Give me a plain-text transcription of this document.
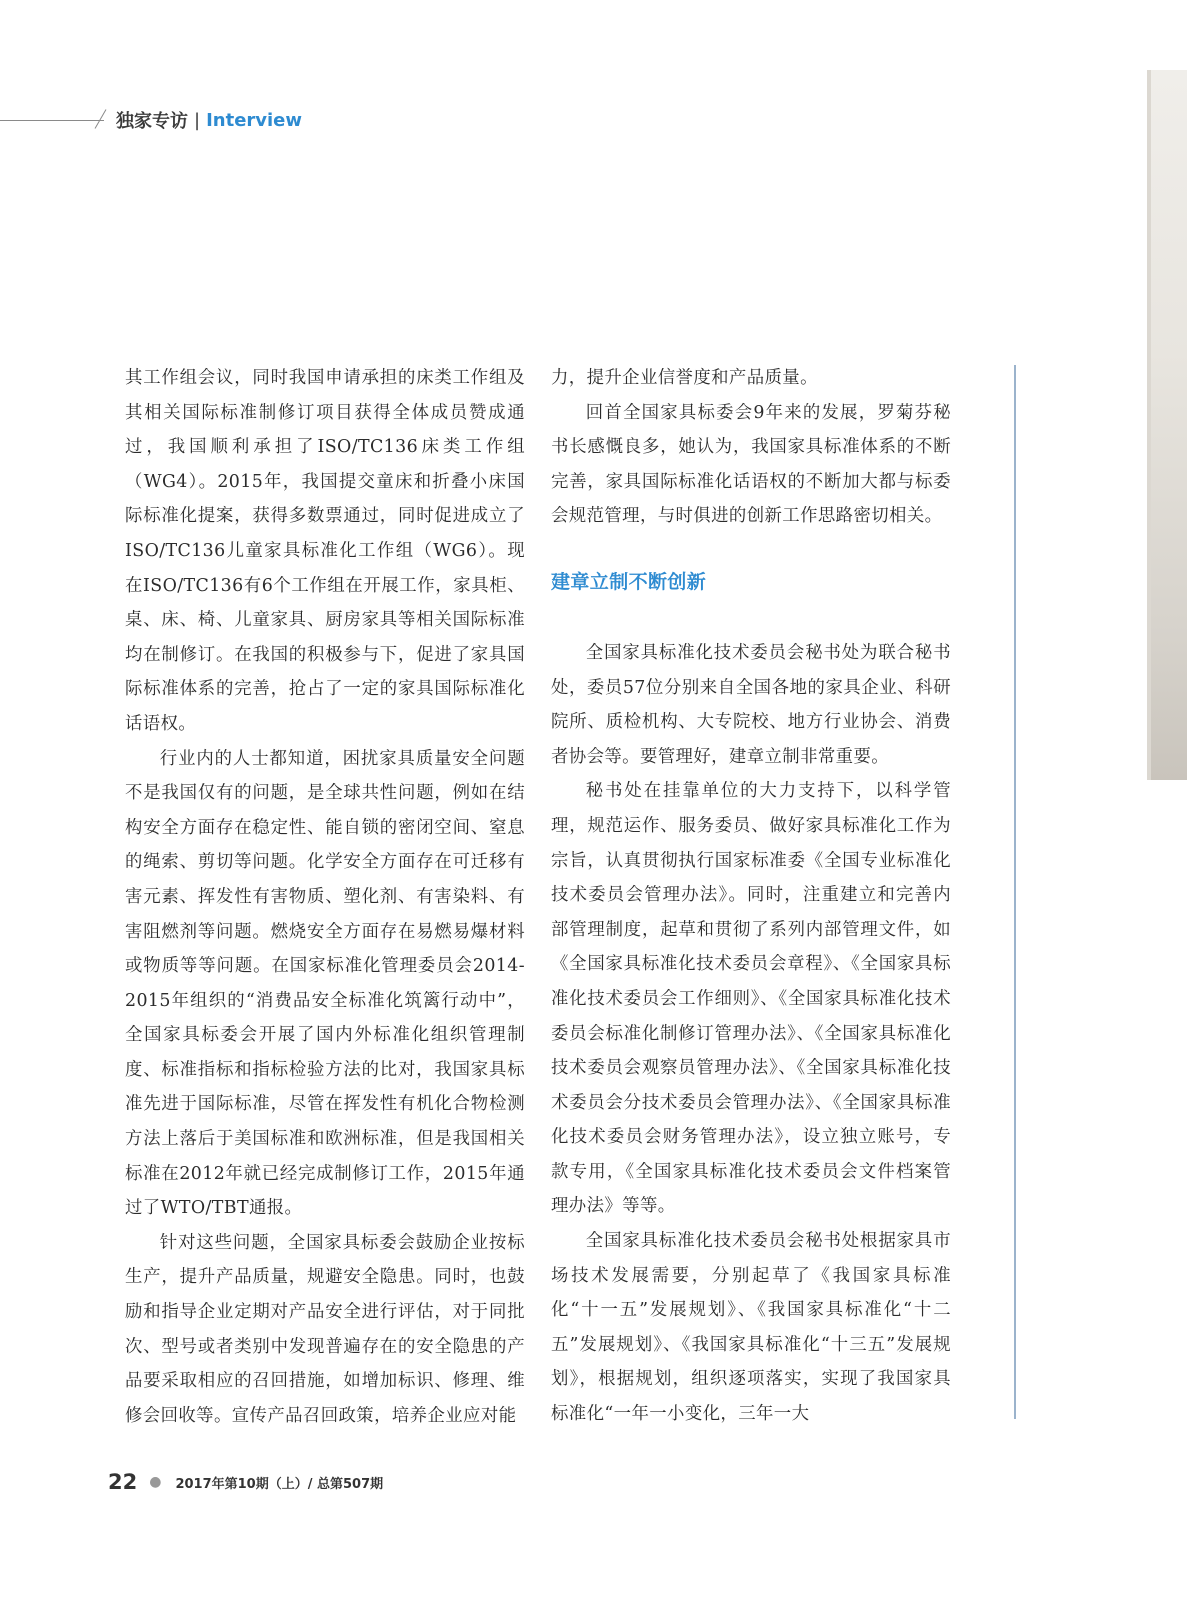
独家专访 | Interview

其工作组会议，同时我国申请承担的床类工作组及其相关国际标准制修订项目获得全体成员赞成通过，我国顺利承担了ISO/TC136床类工作组（WG4）。2015年，我国提交童床和折叠小床国际标准化提案，获得多数票通过，同时促进成立了ISO/TC136儿童家具标准化工作组（WG6）。现在ISO/TC136有6个工作组在开展工作，家具柜、桌、床、椅、儿童家具、厨房家具等相关国际标准均在制修订。在我国的积极参与下，促进了家具国际标准体系的完善，抢占了一定的家具国际标准化话语权。

行业内的人士都知道，困扰家具质量安全问题不是我国仅有的问题，是全球共性问题，例如在结构安全方面存在稳定性、能自锁的密闭空间、窒息的绳索、剪切等问题。化学安全方面存在可迁移有害元素、挥发性有害物质、塑化剂、有害染料、有害阻燃剂等问题。燃烧安全方面存在易燃易爆材料或物质等等问题。在国家标准化管理委员会2014-2015年组织的“消费品安全标准化筑篱行动中”，全国家具标委会开展了国内外标准化组织管理制度、标准指标和指标检验方法的比对，我国家具标准先进于国际标准，尽管在挥发性有机化合物检测方法上落后于美国标准和欧洲标准，但是我国相关标准在2012年就已经完成制修订工作，2015年通过了WTO/TBT通报。

针对这些问题，全国家具标委会鼓励企业按标生产，提升产品质量，规避安全隐患。同时，也鼓励和指导企业定期对产品安全进行评估，对于同批次、型号或者类别中发现普遍存在的安全隐患的产品要采取相应的召回措施，如增加标识、修理、维修会回收等。宣传产品召回政策，培养企业应对能

力，提升企业信誉度和产品质量。

回首全国家具标委会9年来的发展，罗菊芬秘书长感慨良多，她认为，我国家具标准体系的不断完善，家具国际标准化话语权的不断加大都与标委会规范管理，与时俱进的创新工作思路密切相关。

建章立制不断创新

全国家具标准化技术委员会秘书处为联合秘书处，委员57位分别来自全国各地的家具企业、科研院所、质检机构、大专院校、地方行业协会、消费者协会等。要管理好，建章立制非常重要。

秘书处在挂靠单位的大力支持下，以科学管理，规范运作、服务委员、做好家具标准化工作为宗旨，认真贯彻执行国家标准委《全国专业标准化技术委员会管理办法》。同时，注重建立和完善内部管理制度，起草和贯彻了系列内部管理文件，如《全国家具标准化技术委员会章程》、《全国家具标准化技术委员会工作细则》、《全国家具标准化技术委员会标准化制修订管理办法》、《全国家具标准化技术委员会观察员管理办法》、《全国家具标准化技术委员会分技术委员会管理办法》、《全国家具标准化技术委员会财务管理办法》，设立独立账号，专款专用，《全国家具标准化技术委员会文件档案管理办法》等等。

全国家具标准化技术委员会秘书处根据家具市场技术发展需要，分别起草了《我国家具标准化“十一五”发展规划》、《我国家具标准化“十二五”发展规划》、《我国家具标准化“十三五”发展规划》，根据规划，组织逐项落实，实现了我国家具标准化“一年一小变化，三年一大

22 ● 2017年第10期（上）/ 总第507期
